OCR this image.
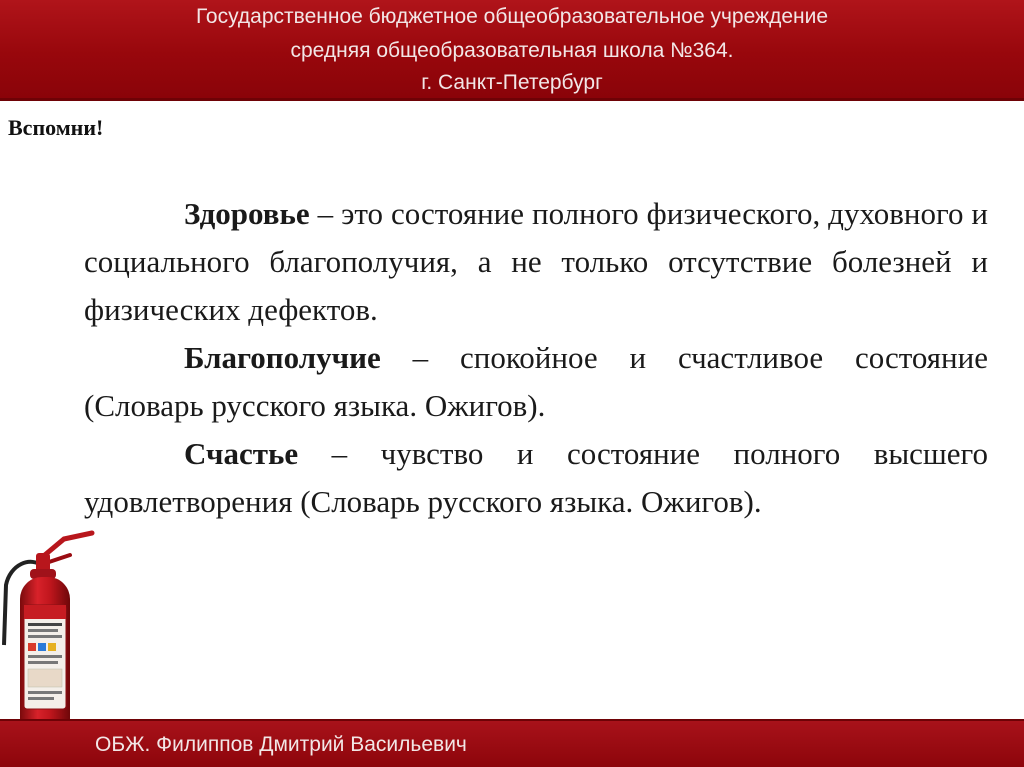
Государственное бюджетное общеобразовательное учреждение
средняя общеобразовательная школа №364.
г. Санкт-Петербург
Вспомни!

Здоровье – это состояние полного физического, духовного и социального благополучия, а не только отсутствие болезней и физических дефектов.

Благополучие – спокойное и счастливое состояние (Словарь русского языка. Ожигов).

Счастье – чувство и состояние полного высшего удовлетворения (Словарь русского языка. Ожигов).

ОБЖ. Филиппов Дмитрий Васильевич
